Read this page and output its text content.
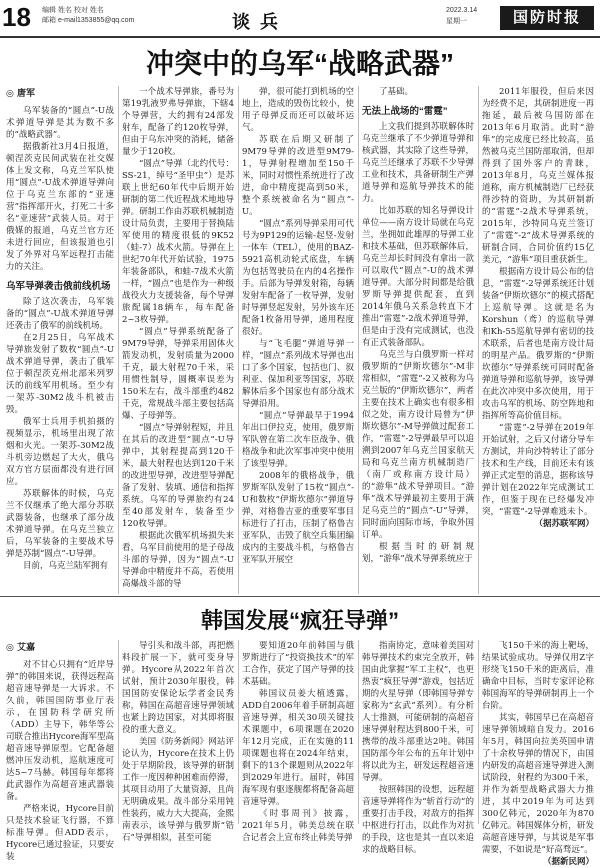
18 编辑 姓名 校对 姓名
邮箱 e-mail1353855@qq.com	谈兵
2022.3.14
星期一	国防时报
冲突中的乌军“战略武器”
◎ 唐军

乌军装备的“圆点”-U战术弹道导弹是其为数不多的“战略武器”。

据俄新社3月4日报道，顿涅茨克民间武装在社交媒体上发文称，乌克兰军队使用“圆点”-U战术弹道导弹向位于乌克兰东部的“亚速营”指挥部开火，打死二十多名“亚速营”武装人员。对于俄媒的报道，乌克兰官方还未进行回应，但该报道也引发了外界对乌军远程打击能力的关注。

乌军导弹袭击俄前线机场

除了这次袭击，乌军装备的“圆点”-U战术弹道导弹还袭击了俄军的前线机场。

在2月25日，乌军战术导弹旅发射了数枚“圆点”-U战术弹道导弹，袭击了俄军位于顿涅茨克州北部米列罗沃的前线军用机场。至少有一架苏-30M2战斗机被击毁。

俄军士兵用手机拍摄的视频显示，机场里出现了浓烟和火光。一架苏-30M2战斗机旁边燃起了大火，俄乌双方官方层面都没有进行回应。

苏联解体的时候，乌克兰不仅继承了绝大部分苏联武器装备，也继承了部分战术弹道导弹。在乌克兰独立后，乌军装备的主要战术导弹是苏制“圆点”-U导弹。

目前，乌克兰陆军拥有

一个战术导弹旅，番号为第19乳液罗弗导弹旅，下辖4个导弹营，大约拥有24部发射车，配备了约120枚导弹，但由于乌东冲突的消耗，储备量少于120枚。

“圆点”导弹（北约代号：SS-21，绰号“圣甲虫”）是苏联上世纪60年代中后期开始研制的第二代近程战术地地导弹。研制工作由苏联机械制造设计局负责，主要用于替换陆军使用的精度很低的9K52（蛙-7）战术火箭。导弹在上世纪70年代开始试验，1975年装备部队，和蛙-7战术火箭一样，“圆点”也是作为一种级战役火力支援装备，每个导弹旅配属18辆车，每车配备2~3枚导弹。

“圆点”导弹系统配备了9M79导弹，导弹采用固体火箭发动机，发射质量为2000千克，最大射程70千米，采用惯性制导，圆概率误差为150米左右，战斗部重约482千克，常规战斗部主要包括高爆、子母弹等。

“圆点”导弹射程短，并且在其后的改进型“圆点”-U导弹中，其射程提高到120千米，最大射程也达到120千米的改进型导弹，改进型导弹配备了发射、装填、通信和指挥系统。乌军的导弹旅约有24至40部发射车，装备至少120枚导弹。

根据此次俄军机场损失来看，乌军目前使用的是子母战斗部的导弹，因为“圆点”-U导弹命中精度并不高，若使用高爆战斗部的导

弹，很可能打到机场的空地上，造成的毁伤比较小，使用子母弹反而还可以破坏运气。

苏联在后期又研制了9M79导弹的改进型9M79-1，导弹射程增加至150千米，同时对惯性系统进行了改进，命中精度提高到50米，整个系统被命名为“圆点”-U。

“圆点”系列导弹采用可代号为9P129的运输-起竖-发射一体车（TEL），使用的BAZ-5921高机动轮式底盘，车辆为包括驾驶员在内的4名操作手。后部为导弹发射箱，每辆发射车配备了一枚导弹，发射时导弹竖起发射，另外该车还配备1枚备用导弹，通用程度很好。

与“飞毛腿”弹道导弹一样，“圆点”系列战术导弹也出口了多个国家，包括也门、叙利亚、保加利亚等国家，苏联解体后多个国家也有部分战术导弹沿用。

“圆点”导弹最早于1994年出口伊拉克，使用，俄罗斯军队曾在第二次车臣战争、俄格战争和此次军事冲突中使用了该型导弹。

2008年的俄格战争，俄罗斯军队发射了15枚“圆点”-U和数枚“伊斯坎德尔”弹道导弹，对格鲁吉亚的重要军事目标进行了打击，压制了格鲁吉亚军队，击毁了航空兵集团编成内的主要战斗机，与格鲁吉亚军队开展空

了基础。

无法上战场的“雷霆”

上文我们提到苏联解体时乌克兰继承了不少弹道导弹和核武器，其实除了这些导弹，乌克兰还继承了苏联不少导弹工业和技术，具备研制生产弹道导弹和巡航导弹技术的能力。

比如苏联的知名导弹设计单位——南方设计局就在乌克兰，坐拥如此雄厚的导弹工业和技术基础，但苏联解体后，乌克兰却长时间没有拿出一款可以取代“圆点”-U的战术弹道导弹。大部分时间都是给俄罗斯导弹提供配套，直到2014年俄乌关系急转直下才推出“雷霆”-2战术弹道导弹，但是由于没有完成测试，也没有正式装备部队。

乌克兰与白俄罗斯一样对俄罗斯的“伊斯坎德尔”-M非常相似，“雷霆”-2又被称为乌克兰版的“伊斯坎德尔”，两者主要在技术上确实也有很多相似之处，南方设计局曾为“伊斯坎德尔”-M导弹做过配套工作，“雷霆”-2导弹最早可以追溯到2007年乌克兰国家航天局和乌克兰南方机械制造厂（南厂或称南方设计局）的“游隼”战术导弹项目。“游隼”战术导弹最初主要用于满足乌克兰的“圆点”-U“导弹，同时面向国际市场，争取外国订单。

根据当时的研制规划，“游隼”战术导弹系统应于

2011年服役，但后来因为经费不足，其研制进度一再拖延，最后被乌国防部在2013年6月取消。此时“游隼”的完成度已经比较高，虽然被乌克兰国防部取消，但却得到了国外客户的青睐，2013年8月，乌克兰媒体报道称，南方机械制造厂已经获得沙特的资助，为其研制新的“雷霆”-2战术导弹系统，2015年，沙特同乌克兰签订了“雷霆”-2“战术导弹系统的研制合同，合同价值约15亿美元，“游隼”项目重获新生。

根据南方设计局公布的信息，“雷霆”-2导弹系统还计划装备“伊斯坎德尔”的模式搭配上巡航导弹。这就是名为Korshun（鸢）的巡航导弹和Kh-55巡航导弹有密切的技术联系，后者也是南方设计局的明星产品。俄罗斯的“伊斯坎德尔”导弹系统可同时配备弹道导弹和巡航导弹，该导弹在此次冲突中多次使用，用于攻击乌军的机场、防空阵地和指挥所等高价值目标。

“雷霆”-2导弹在2019年开始试射，之后又付诸分导车方测试，并向沙特转让了部分技术和生产线，目前还未有该弹正式定型的消息，据称该导弹计划在2022年完成测试工作，但鉴于现在已经爆发冲突，“雷霆”-2导弹难逃未卜。

（据苏联军网）
韩国发展“疯狂导弹”
◎ 艾嘉

对不甘心只拥有“近岸导弹”的韩国来说，获得远程高超音速导弹是一大诉求。不久前，韩国国防事业厅表示，在国防科学研究所（ADD）主导下，韩华等公司联合推出Hycore海军型高超音速导弹原型。它配备超燃冲压发动机，巡航速度可达5~7马赫。韩国每年都将此武器作为高超音速武器装备。

严格来说，Hycore目前只是技术验证飞行器，不算标准导弹。但ADD表示，Hycore已通过验证，只要安装

导引头和战斗部，再把燃料段扩展一下，就可变身导弹。Hycore从2022年首次试射，预计2030年服役，韩国国防安保论坛学者金民秀称，韩国在高超音速导弹领域也紧上跨边国家，对其即将服役的重大意义。

美国《防务新闻》网站评论认为，Hycore在技术上仍处于早期阶段，该导弹的研制工作一度因种种困难而停滞，其项目动用了大量资源，且尚无明确成果。战斗部分采用钝性装药，威力大大提高，金熙南表示，该导弹与俄罗斯“锆石”导弹相似，甚至可能

要知道20年前韩国与俄罗斯进行了“投资换技术”的军工合作，获定了国产导弹的技术基础。

韩国议员姜大植透露，ADD自2006年着手研制高超音速导弹，相关30项关键技术课题中，6项课题在2020年12月完成，正在实施的11项课题也将在2024年结束，剩下的13个课题则从2022年到2029年进行。届时，韩国海军现有驱逐舰都将配备高超音速导弹。

《时事周刊》披露，2021年5月，韩美总统在联合记者会上宣布终止韩美导弹

指南协定，意味着美国对韩导弹技术约束完全放开，韩国由此掌握“军工主权”，也更热衷“疯狂导弹”游戏，包括近期的火星导弹（即韩国导弹专家称为“玄武”系列）。有分析人士推测，可能研制的高超音速导弹射程达到800千米，可携带的战斗部重达2吨。韩国国防部今年公布的五年计划中将以此为主，研发远程超音速导弹。

按照韩国的设想，远程超音速导弹将作为“斩首行动”的重要打击手段，对敌方的指挥中枢进行打击，以此作为对抗的手段，这也是其一直以来追求的战略目标。

飞150千米的海上靶场，结果试验成功。导弹仅用Z字形绕飞150千米的距离后，准确命中目标，当时专家评论称韩国海军的导弹研制再上一个台阶。

其实，韩国早已在高超音速导弹领域暗自发力。2016年5月，韩国向拉美英国申请了十余枚导弹的情况下，由国内研发的高超音速导弹进入测试阶段，射程约为300千米，并作为新型战略武器大力推进，其中2019年为可达到300亿韩元，2020年为870亿韩元。韩国媒体分析，研发高超音速导弹，与其说是军事需要，不如说是“好高骛远”。

（据新民网）
